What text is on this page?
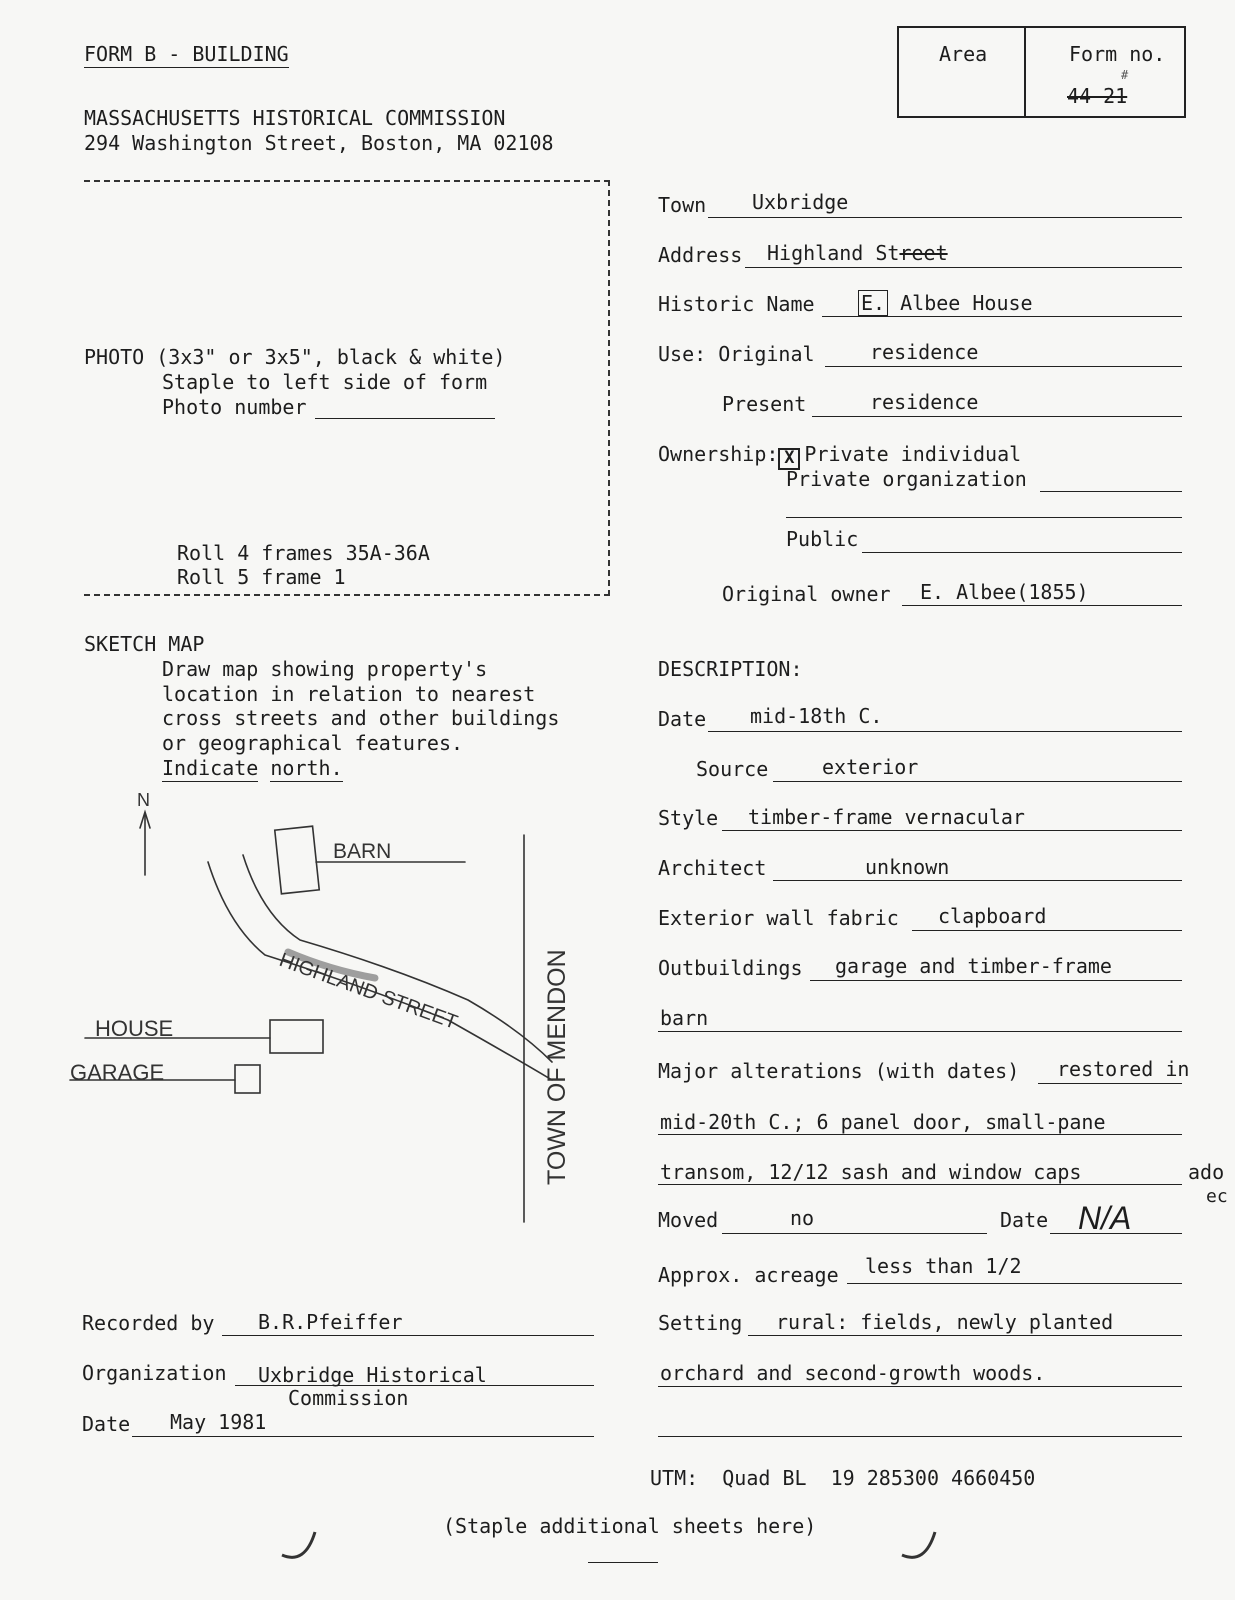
FORM B - BUILDING
MASSACHUSETTS HISTORICAL COMMISSION
294 Washington Street, Boston, MA 02108
Area	Form no.
#
44-21
PHOTO (3x3" or 3x5", black & white)
Staple to left side of form
Photo number
Roll 4 frames 35A-36A
Roll 5 frame 1
SKETCH MAP
Draw map showing property's
location in relation to nearest
cross streets and other buildings
or geographical features.
Indicate north.
N
BARN
HOUSE
GARAGE
HIGHLAND STREET	TOWN OF MENDON
Town Uxbridge
Address Highland Street
Historic Name E. Albee House
Use: Original	residence
Present	residence
Ownership: X Private individual
Private organization
Public
Original owner E. Albee(1855)
DESCRIPTION:
Date mid-18th C.
Source	exterior
Style timber-frame vernacular
Architect	unknown
Exterior wall fabric clapboard
Outbuildings garage and timber-frame
barn
Major alterations (with dates) restored in
mid-20th C.; 6 panel door, small-pane
transom, 12/12 sash and window caps	ado
ec
Moved	no	Date N/A
Approx. acreage less than 1/2
Setting rural: fields, newly planted
orchard and second-growth woods.
Recorded by B.R.Pfeiffer
Organization Uxbridge Historical
Commission
Date May 1981
UTM:  Quad BL  19 285300 4660450
(Staple additional sheets here)
